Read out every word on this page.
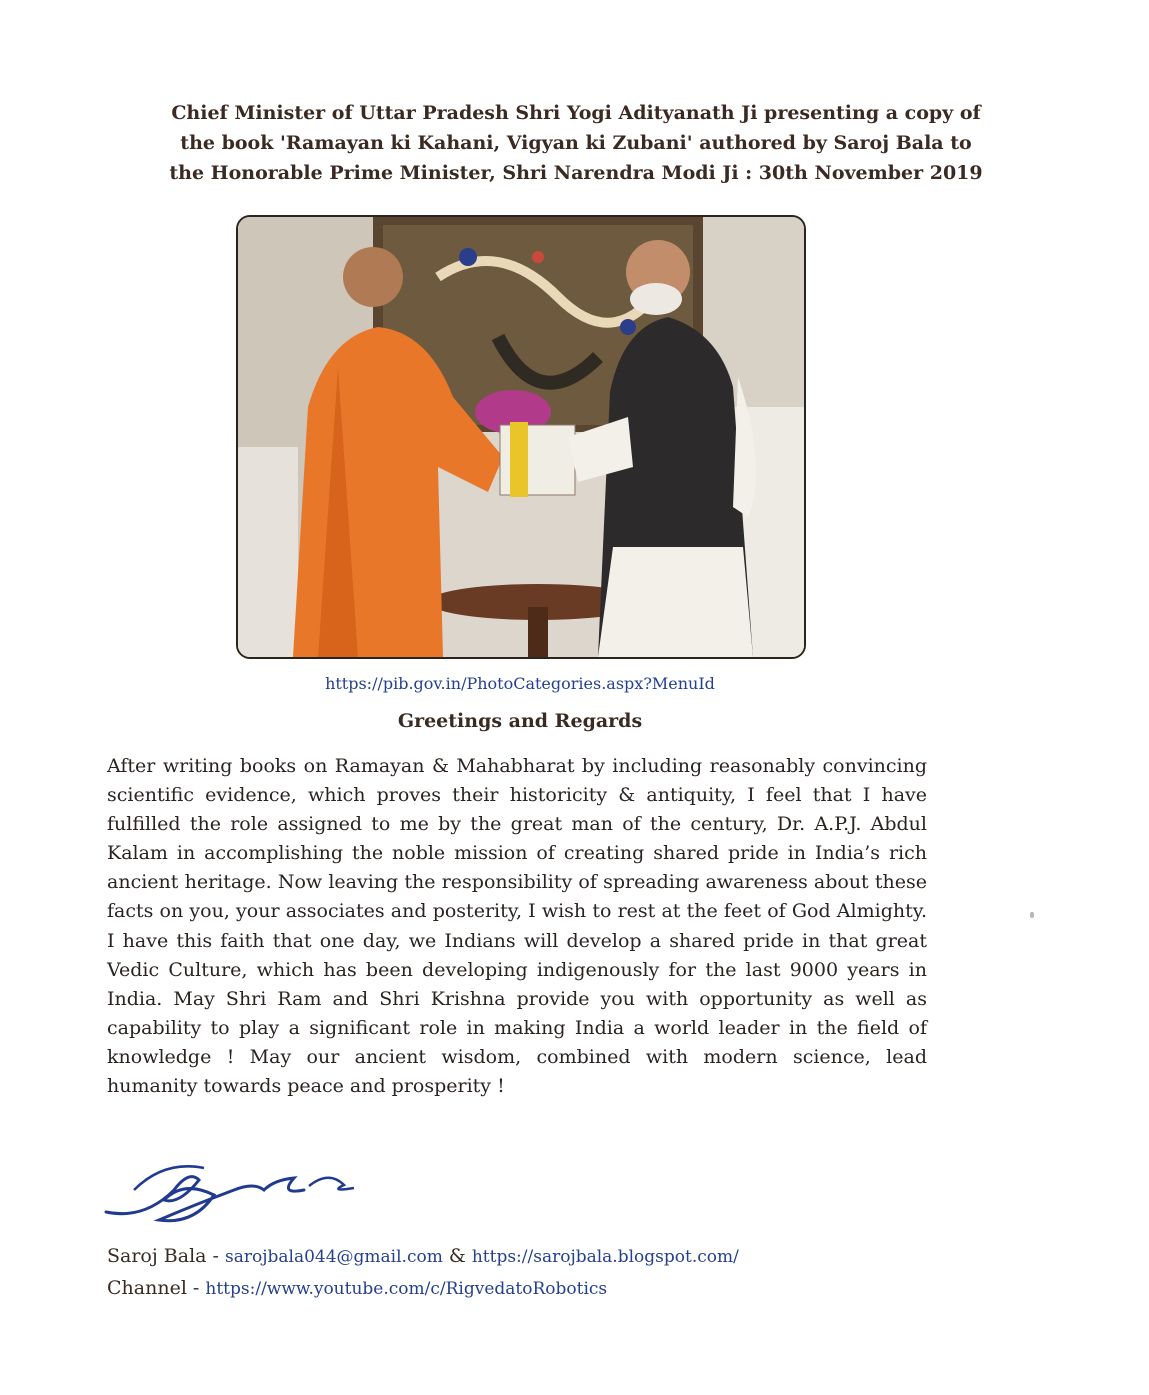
Chief Minister of Uttar Pradesh Shri Yogi Adityanath Ji presenting a copy of
the book 'Ramayan ki Kahani, Vigyan ki Zubani' authored by Saroj Bala to
the Honorable Prime Minister, Shri Narendra Modi Ji : 30th November 2019

https://pib.gov.in/PhotoCategories.aspx?MenuId
Greetings and Regards

After writing books on Ramayan & Mahabharat by including reasonably convincing scientific evidence, which proves their historicity & antiquity, I feel that I have fulfilled the role assigned to me by the great man of the century, Dr. A.P.J. Abdul Kalam in accomplishing the noble mission of creating shared pride in India’s rich ancient heritage. Now leaving the responsibility of spreading awareness about these facts on you, your associates and posterity, I wish to rest at the feet of God Almighty. I have this faith that one day, we Indians will develop a shared pride in that great Vedic Culture, which has been developing indigenously for the last 9000 years in India. May Shri Ram and Shri Krishna provide you with opportunity as well as capability to play a significant role in making India a world leader in the field of knowledge ! May our ancient wisdom, combined with modern science, lead humanity towards peace and prosperity !

Saroj Bala - sarojbala044@gmail.com & https://sarojbala.blogspot.com/
Channel - https://www.youtube.com/c/RigvedatoRobotics
